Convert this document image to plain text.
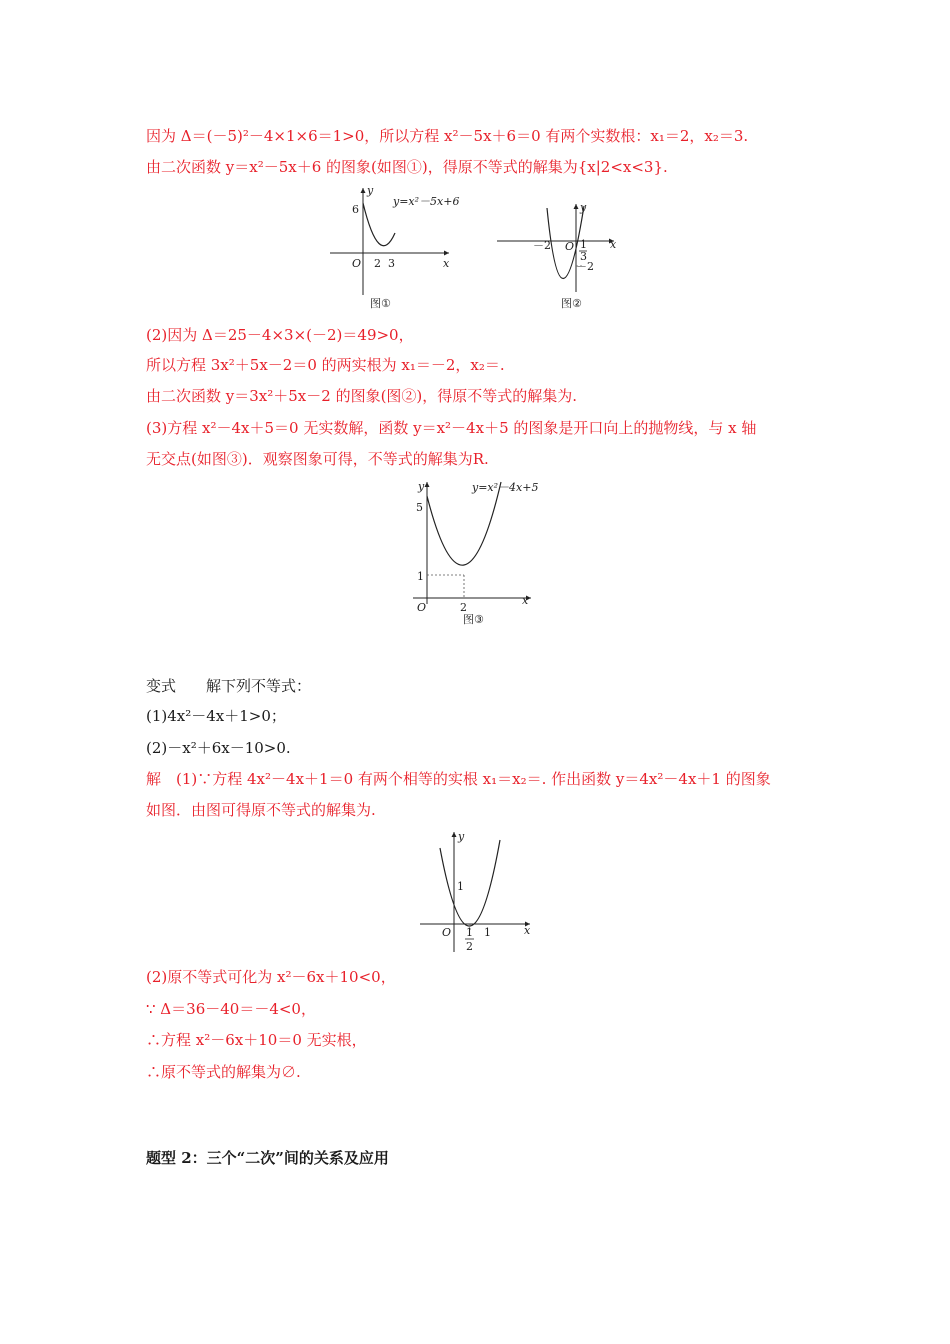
因为 Δ＝(－5)²－4×1×6＝1>0，所以方程 x²－5x＋6＝0 有两个实数根：x₁＝2，x₂＝3.
由二次函数 y＝x²－5x＋6 的图象(如图①)，得原不等式的解集为{x|2<x<3}.
y
x
6
O 2 3
y=x²－5x+6
图①
y
x
－2 O 1
3
－2
图②
(2)因为 Δ＝25－4×3×(－2)＝49>0，
所以方程 3x²＋5x－2＝0 的两实根为 x₁＝－2，x₂＝.
由二次函数 y＝3x²＋5x－2 的图象(图②)，得原不等式的解集为.
(3)方程 x²－4x＋5＝0 无实数解，函数 y＝x²－4x＋5 的图象是开口向上的抛物线，与 x 轴
无交点(如图③)．观察图象可得，不等式的解集为R.
y
x
5
1
O	2
y=x²－4x+5
图③
变式　　解下列不等式：
(1)4x²－4x＋1>0；
(2)－x²＋6x－10>0.
解　(1)∵方程 4x²－4x＋1＝0 有两个相等的实根 x₁＝x₂＝. 作出函数 y＝4x²－4x＋1 的图象
如图．由图可得原不等式的解集为.
y
x
1
O 1
2
1
(2)原不等式可化为 x²－6x＋10<0，
∵ Δ＝36－40＝－4<0，
∴方程 x²－6x＋10＝0 无实根，
∴原不等式的解集为∅.
题型 2：三个“二次”间的关系及应用
